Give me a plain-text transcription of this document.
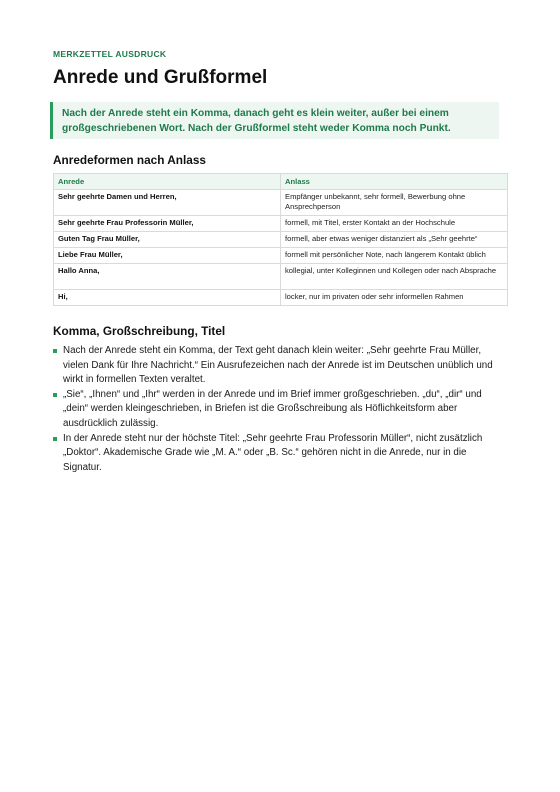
MERKZETTEL AUSDRUCK
Anrede und Grußformel
Nach der Anrede steht ein Komma, danach geht es klein weiter, außer bei einem großgeschriebenen Wort. Nach der Grußformel steht weder Komma noch Punkt.
Anredeformen nach Anlass
Anrede	Anlass
Sehr geehrte Damen und Herren,	Empfänger unbekannt, sehr formell, Bewerbung ohne Ansprechperson
Sehr geehrte Frau Professorin Müller,	formell, mit Titel, erster Kontakt an der Hochschule
Guten Tag Frau Müller,	formell, aber etwas weniger distanziert als „Sehr geehrte“
Liebe Frau Müller,	formell mit persönlicher Note, nach längerem Kontakt üblich
Hallo Anna,	kollegial, unter Kolleginnen und Kollegen oder nach Absprache
Hi,	locker, nur im privaten oder sehr informellen Rahmen
Komma, Großschreibung, Titel
Nach der Anrede steht ein Komma, der Text geht danach klein weiter: „Sehr geehrte Frau Müller, vielen Dank für Ihre Nachricht.“ Ein Ausrufezeichen nach der Anrede ist im Deutschen unüblich und wirkt in formellen Texten veraltet.
„Sie“, „Ihnen“ und „Ihr“ werden in der Anrede und im Brief immer großgeschrieben. „du“, „dir“ und „dein“ werden kleingeschrieben, in Briefen ist die Großschreibung als Höflichkeitsform aber ausdrücklich zulässig.
In der Anrede steht nur der höchste Titel: „Sehr geehrte Frau Professorin Müller“, nicht zusätzlich „Doktor“. Akademische Grade wie „M. A.“ oder „B. Sc.“ gehören nicht in die Anrede, nur in die Signatur.
